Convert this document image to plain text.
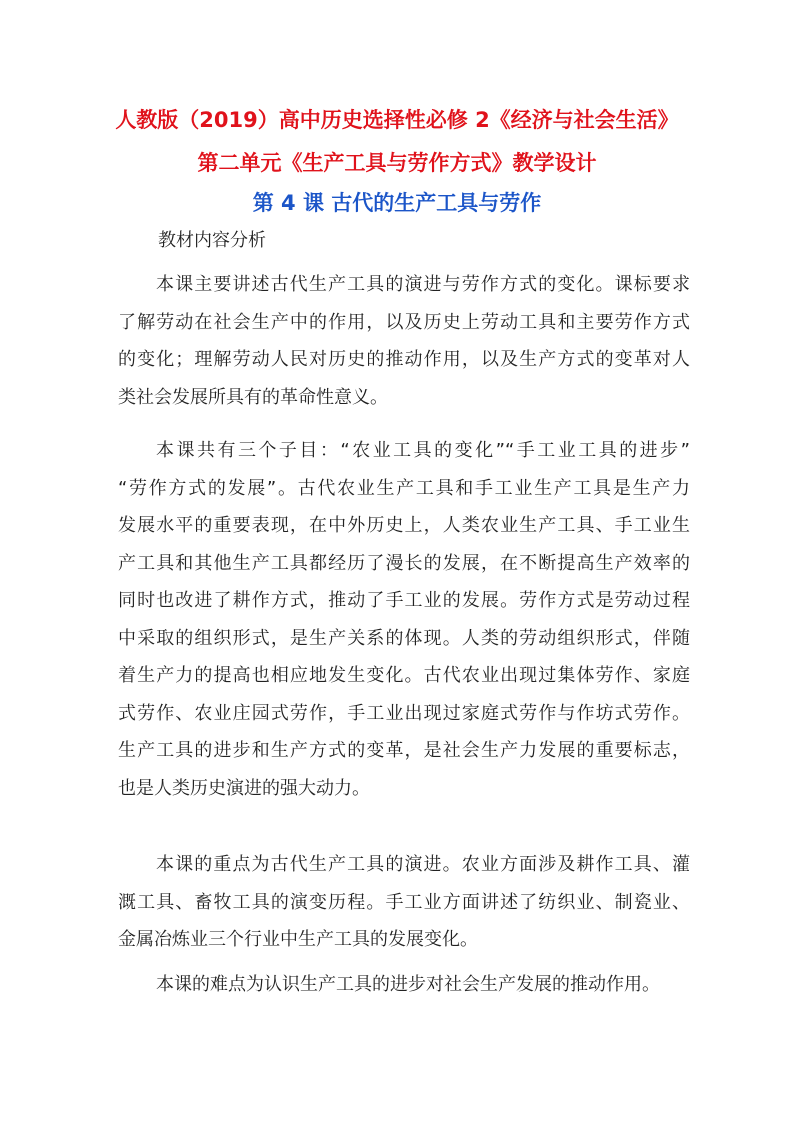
人教版（2019）高中历史选择性必修 2《经济与社会生活》
第二单元《生产工具与劳作方式》教学设计
第 4 课 古代的生产工具与劳作
教材内容分析
本课主要讲述古代生产工具的演进与劳作方式的变化。课标要求
了解劳动在社会生产中的作用，以及历史上劳动工具和主要劳作方式
的变化；理解劳动人民对历史的推动作用，以及生产方式的变革对人
类社会发展所具有的革命性意义。
本课共有三个子目：“农业工具的变化”“手工业工具的进步”
“劳作方式的发展”。古代农业生产工具和手工业生产工具是生产力
发展水平的重要表现，在中外历史上，人类农业生产工具、手工业生
产工具和其他生产工具都经历了漫长的发展，在不断提高生产效率的
同时也改进了耕作方式，推动了手工业的发展。劳作方式是劳动过程
中采取的组织形式，是生产关系的体现。人类的劳动组织形式，伴随
着生产力的提高也相应地发生变化。古代农业出现过集体劳作、家庭
式劳作、农业庄园式劳作，手工业出现过家庭式劳作与作坊式劳作。
生产工具的进步和生产方式的变革，是社会生产力发展的重要标志，
也是人类历史演进的强大动力。
本课的重点为古代生产工具的演进。农业方面涉及耕作工具、灌
溉工具、畜牧工具的演变历程。手工业方面讲述了纺织业、制瓷业、
金属冶炼业三个行业中生产工具的发展变化。
本课的难点为认识生产工具的进步对社会生产发展的推动作用。
